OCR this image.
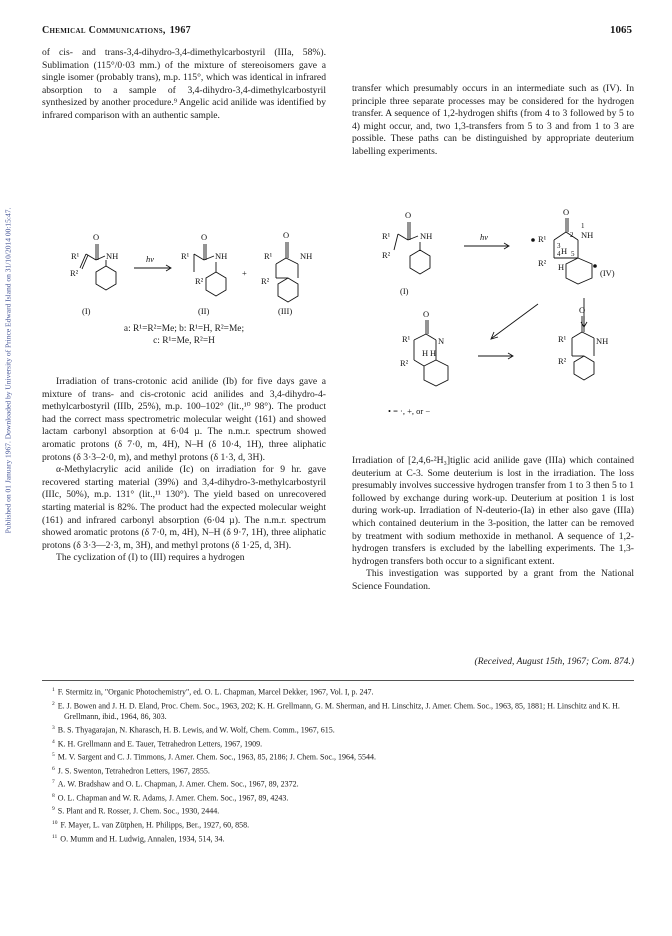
Published on 01 January 1967. Downloaded by University of Prince Edward Island on 31/10/2014 00:15:47.
Chemical Communications, 1967	1065

of cis- and trans-3,4-dihydro-3,4-dimethylcarbostyril (IIIa, 58%). Sublimation (115°/0·03 mm.) of the mixture of stereoisomers gave a single isomer (probably trans), m.p. 115°, which was identical in infrared absorption to a sample of 3,4-dihydro-3,4-dimethylcarbostyril synthesized by another procedure.⁹ Angelic acid anilide was identified by infrared comparison with an authentic sample.

R¹
R²
O
NH	hν	R¹
R²
O
NH
+
R¹
R²
O
NH
(I)	(II)	(III)
a: R¹=R²=Me; b: R¹=H, R²=Me;
c: R¹=Me, R²=H

Irradiation of trans-crotonic acid anilide (Ib) for five days gave a mixture of trans- and cis-crotonic acid anilides and 3,4-dihydro-4-methylcarbostyril (IIIb, 25%), m.p. 100–102° (lit.,¹⁰ 98°). The product had the correct mass spectrometric molecular weight (161) and showed lactam carbonyl absorption at 6·04 µ. The n.m.r. spectrum showed aromatic protons (δ 7·0, m, 4H), N–H (δ 10·4, 1H), three aliphatic protons (δ 3·3–2·0, m), and methyl protons (δ 1·3, d, 3H).

α-Methylacrylic acid anilide (Ic) on irradiation for 9 hr. gave recovered starting material (39%) and 3,4-dihydro-3-methylcarbostyril (IIIc, 50%), m.p. 131° (lit.,¹¹ 130°). The yield based on unrecovered starting material is 82%. The product had the expected molecular weight (161) and infrared carbonyl absorption (6·04 µ). The n.m.r. spectrum showed aromatic protons (δ 7·0, m, 4H), N–H (δ 9·7, 1H), three aliphatic protons (δ 3·3—2·3, m, 3H), and methyl protons (δ 1·25, d, 3H).

The cyclization of (I) to (III) requires a hydrogen

transfer which presumably occurs in an intermediate such as (IV). In principle three separate processes may be considered for the hydrogen transfer. A sequence of 1,2-hydrogen shifts (from 4 to 3 followed by 5 to 4) might occur, and, two 1,3-transfers from 5 to 3 and from 1 to 3 are possible. These paths can be distinguished by appropriate deuterium labelling experiments.

R¹
R²
O
NH
(I)
hν	R¹
R²
O
NH
1
2
3
4 5
H
H
(IV)
R¹
R²
O
N
H H
R¹
R²
O
NH
• = ·, +, or −

Irradiation of [2,4,6-²H₃]tiglic acid anilide gave (IIIa) which contained deuterium at C-3. Some deuterium is lost in the irradiation. The loss presumably involves successive hydrogen transfer from 1 to 3 then 5 to 1 followed by exchange during work-up. Deuterium at position 1 is lost during work-up. Irradiation of N-deuterio-(Ia) in ether also gave (IIIa) which contained deuterium in the 3-position, the latter can be removed by treatment with sodium methoxide in methanol. A sequence of 1,2-hydrogen transfers is excluded by the labelling experiments. The 1,3-hydrogen transfers both occur to a significant extent.

This investigation was supported by a grant from the National Science Foundation.

(Received, August 15th, 1967; Com. 874.)
$^1$ F. Stermitz in, "Organic Photochemistry", ed. O. L. Chapman, Marcel Dekker, 1967, Vol. I, p. 247.
$^2$ E. J. Bowen and J. H. D. Eland, Proc. Chem. Soc., 1963, 202; K. H. Grellmann, G. M. Sherman, and H. Linschitz, J. Amer. Chem. Soc., 1963, 85, 1881; H. Linschitz and K. H. Grellmann, ibid., 1964, 86, 303.
$^3$ B. S. Thyagarajan, N. Kharasch, H. B. Lewis, and W. Wolf, Chem. Comm., 1967, 615.
$^4$ K. H. Grellmann and E. Tauer, Tetrahedron Letters, 1967, 1909.
$^5$ M. V. Sargent and C. J. Timmons, J. Amer. Chem. Soc., 1963, 85, 2186; J. Chem. Soc., 1964, 5544.
$^6$ J. S. Swenton, Tetrahedron Letters, 1967, 2855.
$^7$ A. W. Bradshaw and O. L. Chapman, J. Amer. Chem. Soc., 1967, 89, 2372.
$^8$ O. L. Chapman and W. R. Adams, J. Amer. Chem. Soc., 1967, 89, 4243.
$^9$ S. Plant and R. Rosser, J. Chem. Soc., 1930, 2444.
$^{10}$ F. Mayer, L. van Zütphen, H. Philipps, Ber., 1927, 60, 858.
$^{11}$ O. Mumm and H. Ludwig, Annalen, 1934, 514, 34.
